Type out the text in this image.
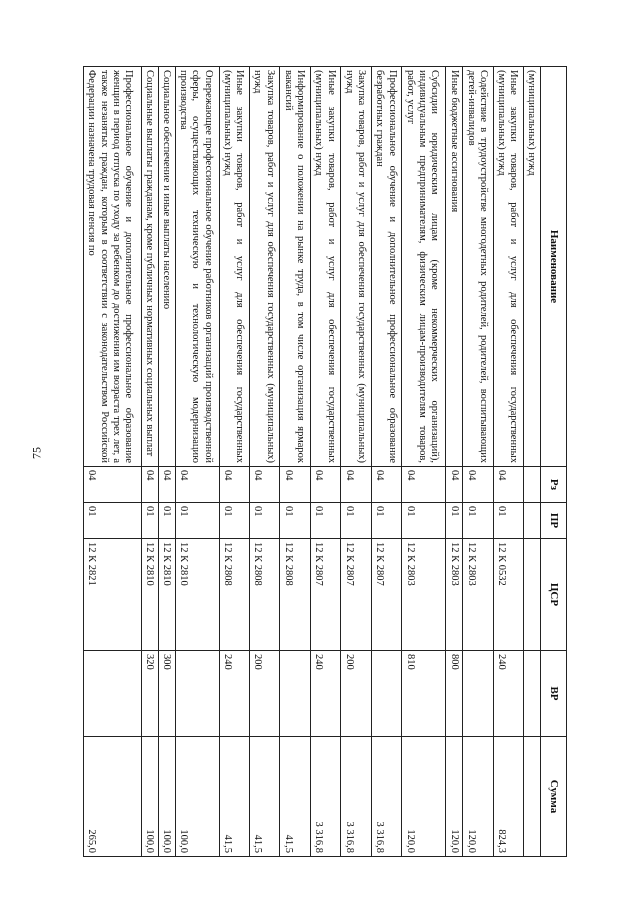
75
Наименование	Рз	ПР	ЦСР	ВР	Сумма
(муниципальных) нужд					
Иные закупки товаров, работ и услуг для обеспечения государственных (муниципальных) нужд	04	01	12 К 0532	240	824,3
Содействие в трудоустройстве многодетных родителей, родителей, воспитывающих детей-инвалидов	04	01	12 К 2803		120,0
Иные бюджетные ассигнования	04	01	12 К 2803	800	120,0
Субсидии юридическим лицам (кроме некоммерческих организаций), индивидуальным предпринимателям, физическим лицам-производителям товаров, работ, услуг	04	01	12 К 2803	810	120,0
Профессиональное обучение и дополнительное профессиональное образование безработных граждан	04	01	12 К 2807		3 316,8
Закупка товаров, работ и услуг для обеспечения государственных (муниципальных) нужд	04	01	12 К 2807	200	3 316,8
Иные закупки товаров, работ и услуг для обеспечения государственных (муниципальных) нужд	04	01	12 К 2807	240	3 316,8
Информирование о положении на рынке труда, в том числе организация ярмарок вакансий	04	01	12 К 2808		41,5
Закупка товаров, работ и услуг для обеспечения государственных (муниципальных) нужд	04	01	12 К 2808	200	41,5
Иные закупки товаров, работ и услуг для обеспечения государственных (муниципальных) нужд	04	01	12 К 2808	240	41,5
Опережающее профессиональное обучение работников организаций производственной сферы, осуществляющих техническую и технологическую модернизацию производства	04	01	12 К 2810		100,0
Социальное обеспечение и иные выплаты населению	04	01	12 К 2810	300	100,0
Социальные выплаты гражданам, кроме публичных нормативных социальных выплат	04	01	12 К 2810	320	100,0
Профессиональное обучение и дополнительное профессиональное образование женщин в период отпуска по уходу за ребенком до достижения им возраста трех лет, а также незанятых граждан, которым в соответствии с законодательством Российской Федерации назначена трудовая пенсия по	04	01	12 К 2821		265,0
